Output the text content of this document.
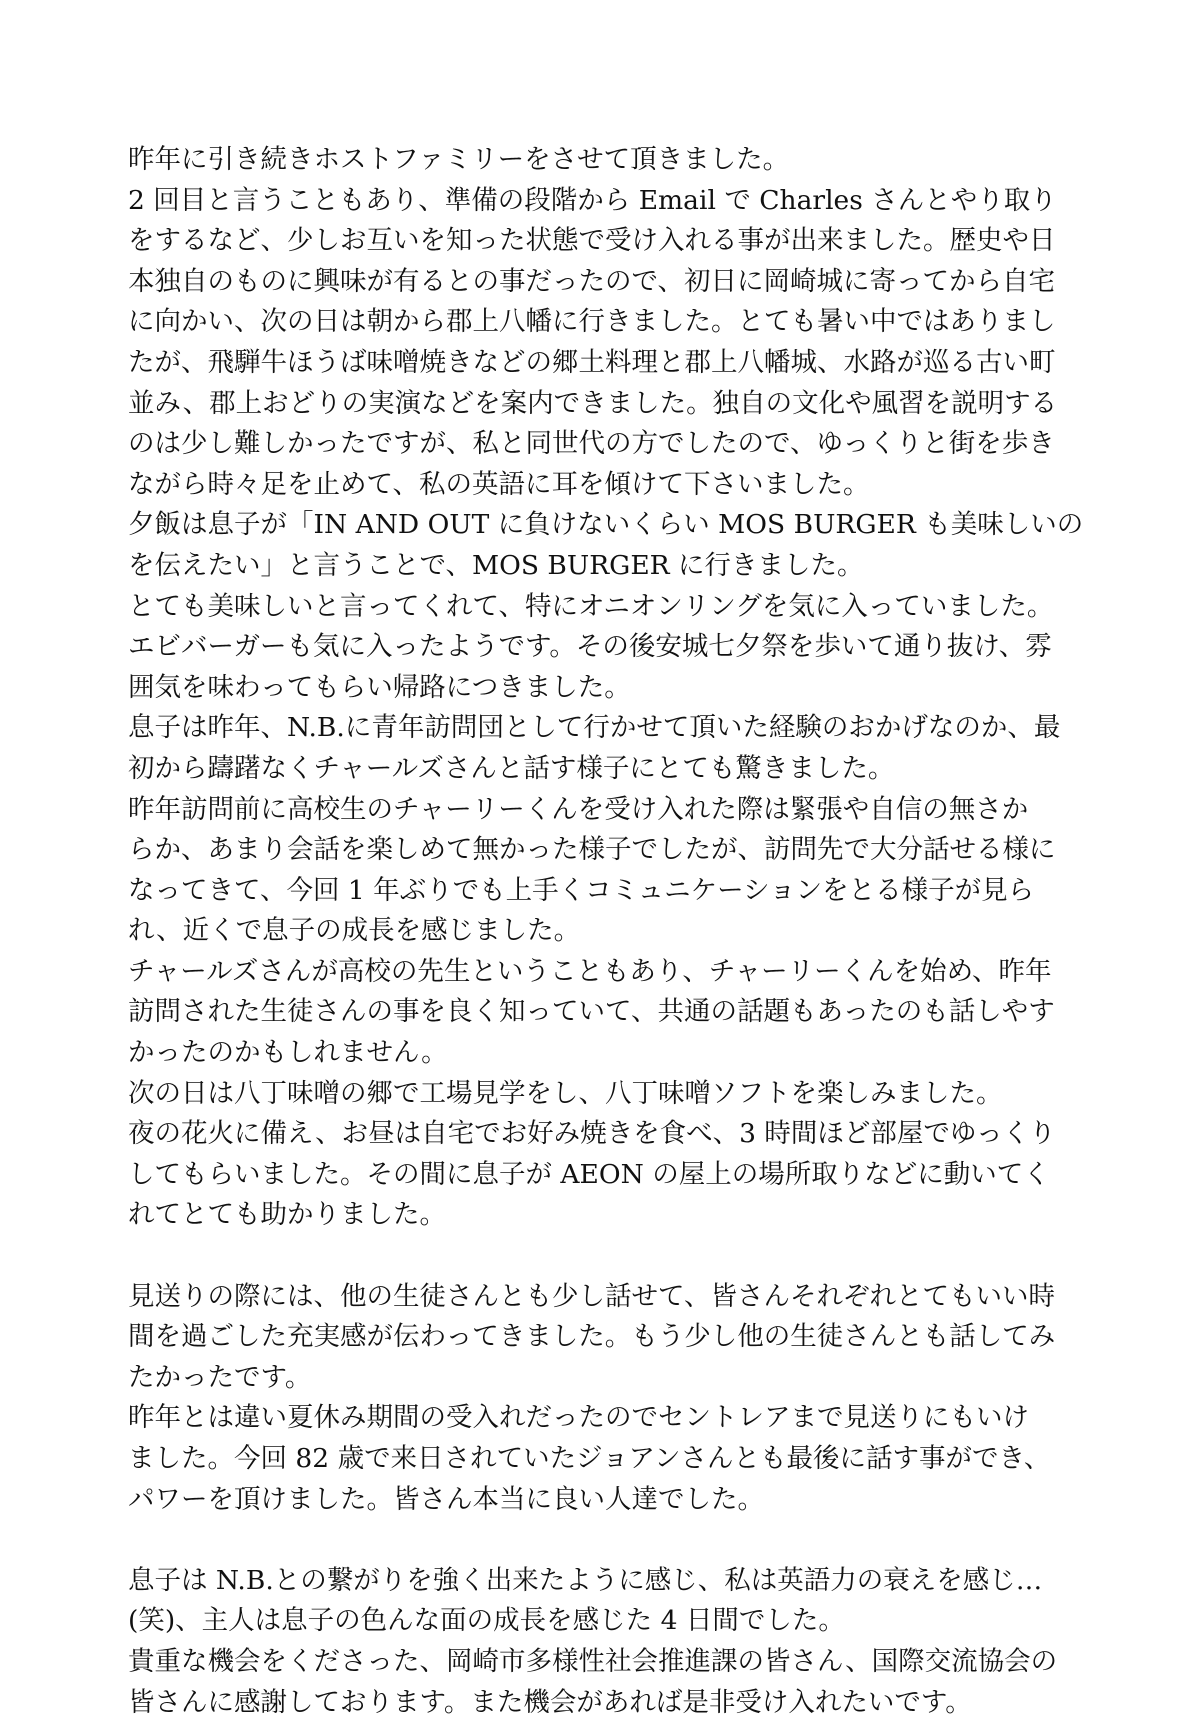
昨年に引き続きホストファミリーをさせて頂きました。
2 回目と言うこともあり、準備の段階から Email で Charles さんとやり取り
をするなど、少しお互いを知った状態で受け入れる事が出来ました。歴史や日
本独自のものに興味が有るとの事だったので、初日に岡崎城に寄ってから自宅
に向かい、次の日は朝から郡上八幡に行きました。とても暑い中ではありまし
たが、飛騨牛ほうば味噌焼きなどの郷土料理と郡上八幡城、水路が巡る古い町
並み、郡上おどりの実演などを案内できました。独自の文化や風習を説明する
のは少し難しかったですが、私と同世代の方でしたので、ゆっくりと街を歩き
ながら時々足を止めて、私の英語に耳を傾けて下さいました。
夕飯は息子が「IN AND OUT に負けないくらい MOS BURGER も美味しいの
を伝えたい」と言うことで、MOS BURGER に行きました。
とても美味しいと言ってくれて、特にオニオンリングを気に入っていました。
エビバーガーも気に入ったようです。その後安城七夕祭を歩いて通り抜け、雰
囲気を味わってもらい帰路につきました。
息子は昨年、N.B.に青年訪問団として行かせて頂いた経験のおかげなのか、最
初から躊躇なくチャールズさんと話す様子にとても驚きました。
昨年訪問前に高校生のチャーリーくんを受け入れた際は緊張や自信の無さか
らか、あまり会話を楽しめて無かった様子でしたが、訪問先で大分話せる様に
なってきて、今回 1 年ぶりでも上手くコミュニケーションをとる様子が見ら
れ、近くで息子の成長を感じました。
チャールズさんが高校の先生ということもあり、チャーリーくんを始め、昨年
訪問された生徒さんの事を良く知っていて、共通の話題もあったのも話しやす
かったのかもしれません。
次の日は八丁味噌の郷で工場見学をし、八丁味噌ソフトを楽しみました。
夜の花火に備え、お昼は自宅でお好み焼きを食べ、3 時間ほど部屋でゆっくり
してもらいました。その間に息子が AEON の屋上の場所取りなどに動いてく
れてとても助かりました。
見送りの際には、他の生徒さんとも少し話せて、皆さんそれぞれとてもいい時
間を過ごした充実感が伝わってきました。もう少し他の生徒さんとも話してみ
たかったです。
昨年とは違い夏休み期間の受入れだったのでセントレアまで見送りにもいけ
ました。今回 82 歳で来日されていたジョアンさんとも最後に話す事ができ、
パワーを頂けました。皆さん本当に良い人達でした。
息子は N.B.との繋がりを強く出来たように感じ、私は英語力の衰えを感じ…
(笑)、主人は息子の色んな面の成長を感じた 4 日間でした。
貴重な機会をくださった、岡崎市多様性社会推進課の皆さん、国際交流協会の
皆さんに感謝しております。また機会があれば是非受け入れたいです。
